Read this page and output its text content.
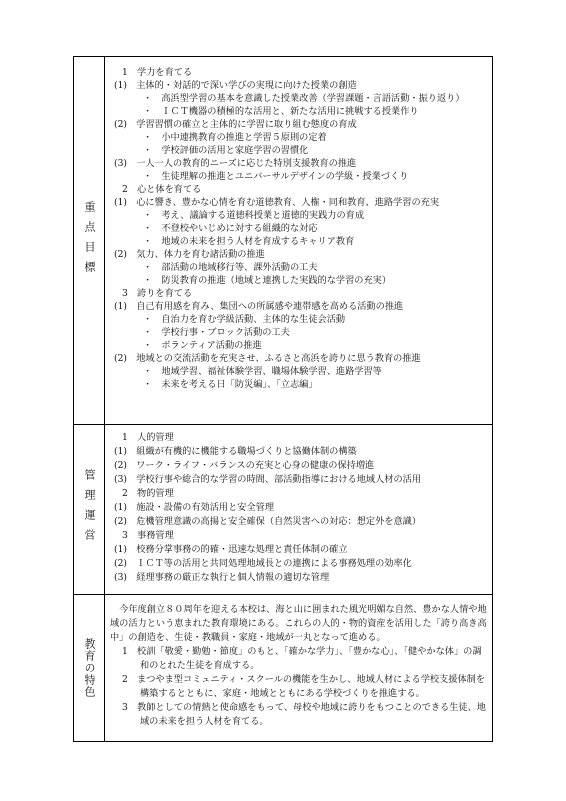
重点目標
1　学力を育てる
(1)　主体的・対話的で深い学びの実現に向けた授業の創造
・　高浜型学習の基本を意識した授業改善（学習課題・言語活動・振り返り）
・　ＩＣＴ機器の積極的な活用と、新たな活用に挑戦する授業作り
(2)　学習習慣の確立と主体的に学習に取り組む態度の育成
・　小中連携教育の推進と学習５原則の定着
・　学校評価の活用と家庭学習の習慣化
(3)　一人一人の教育的ニーズに応じた特別支援教育の推進
・　生徒理解の推進とユニバーサルデザインの学級・授業づくり
2　心と体を育てる
(1)　心に響き、豊かな心情を育む道徳教育、人権・同和教育、進路学習の充実
・　考え、議論する道徳科授業と道徳的実践力の育成
・　不登校やいじめに対する組織的な対応
・　地域の未来を担う人材を育成するキャリア教育
(2)　気力、体力を育む諸活動の推進
・　部活動の地域移行等、課外活動の工夫
・　防災教育の推進（地域と連携した実践的な学習の充実）
3　誇りを育てる
(1)　自己有用感を育み、集団への所属感や連帯感を高める活動の推進
・　自治力を育む学級活動、主体的な生徒会活動
・　学校行事・ブロック活動の工夫
・　ボランティア活動の推進
(2)　地域との交流活動を充実させ、ふるさと高浜を誇りに思う教育の推進
・　地域学習、福祉体験学習、職場体験学習、進路学習等
・　未来を考える日「防災編」、「立志編」
管理運営
1　人的管理
(1)　組織が有機的に機能する職場づくりと協働体制の構築
(2)　ワーク・ライフ・バランスの充実と心身の健康の保持増進
(3)　学校行事や総合的な学習の時間、部活動指導における地域人材の活用
2　物的管理
(1)　施設・設備の有効活用と安全管理
(2)　危機管理意識の高揚と安全確保（自然災害への対応：想定外を意識）
3　事務管理
(1)　校務分掌事務の的確・迅速な処理と責任体制の確立
(2)　ＩＣＴ等の活用と共同処理地域長との連携による事務処理の効率化
(3)　経理事務の厳正な執行と個人情報の適切な管理
教育の特色
今年度創立８０周年を迎える本校は、海と山に囲まれた風光明媚な自然、豊かな人情や地域の活力という恵まれた教育環境にある。これらの人的・物的資産を活用した「誇り高き高中」の創造を、生徒・教職員・家庭・地域が一丸となって進める。
1　校訓「敬愛・勤勉・節度」のもと、「確かな学力」、「豊かな心」、「健やかな体」の調和のとれた生徒を育成する。
2　まつやま型コミュニティ・スクールの機能を生かし、地域人材による学校支援体制を構築するとともに、家庭・地域とともにある学校づくりを推進する。
3　教師としての情熱と使命感をもって、母校や地域に誇りをもつことのできる生徒、地域の未来を担う人材を育てる。
